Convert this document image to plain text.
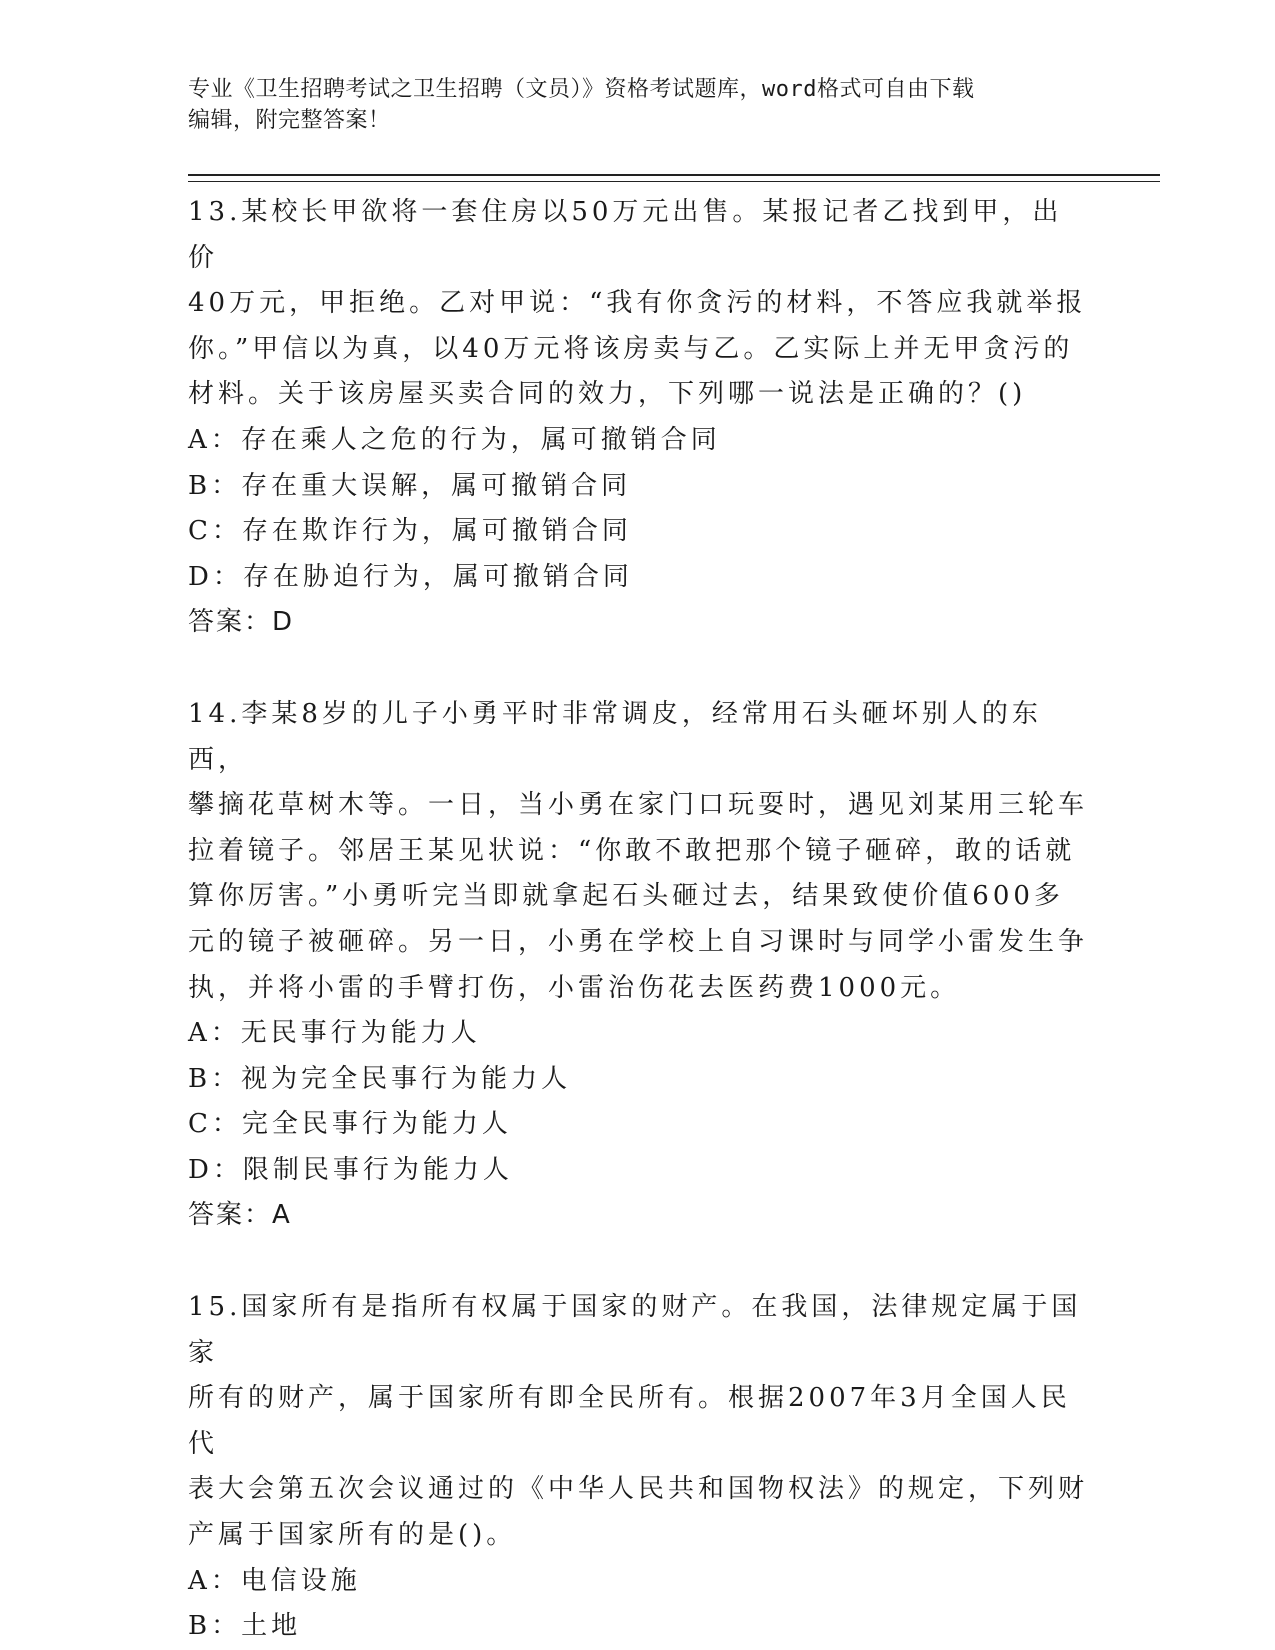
专业《卫生招聘考试之卫生招聘（文员）》资格考试题库，word格式可自由下载
编辑，附完整答案！
13.某校长甲欲将一套住房以50万元出售。某报记者乙找到甲，出价
40万元，甲拒绝。乙对甲说：“我有你贪污的材料，不答应我就举报
你。”甲信以为真，以40万元将该房卖与乙。乙实际上并无甲贪污的
材料。关于该房屋买卖合同的效力，下列哪一说法是正确的？()
A：存在乘人之危的行为，属可撤销合同
B：存在重大误解，属可撤销合同
C：存在欺诈行为，属可撤销合同
D：存在胁迫行为，属可撤销合同
答案：D
14.李某8岁的儿子小勇平时非常调皮，经常用石头砸坏别人的东西，
攀摘花草树木等。一日，当小勇在家门口玩耍时，遇见刘某用三轮车
拉着镜子。邻居王某见状说：“你敢不敢把那个镜子砸碎，敢的话就
算你厉害。”小勇听完当即就拿起石头砸过去，结果致使价值600多
元的镜子被砸碎。另一日，小勇在学校上自习课时与同学小雷发生争
执，并将小雷的手臂打伤，小雷治伤花去医药费1000元。
A：无民事行为能力人
B：视为完全民事行为能力人
C：完全民事行为能力人
D：限制民事行为能力人
答案：A
15.国家所有是指所有权属于国家的财产。在我国，法律规定属于国家
所有的财产，属于国家所有即全民所有。根据2007年3月全国人民代
表大会第五次会议通过的《中华人民共和国物权法》的规定，下列财
产属于国家所有的是()。
A：电信设施
B：土地
